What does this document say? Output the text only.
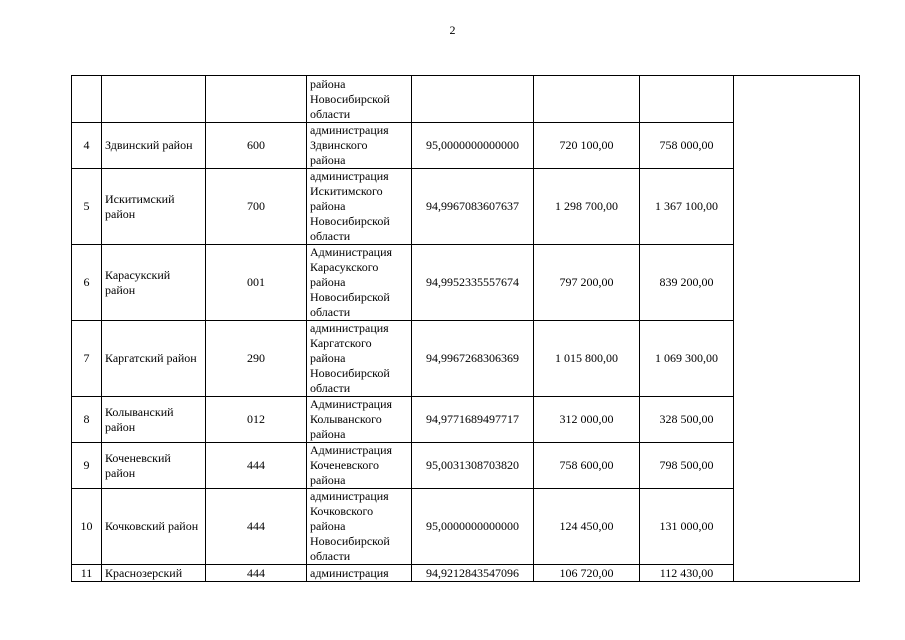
2
			района
Новосибирской
области				
4	Здвинский район	600	администрация
Здвинского
района	95,0000000000000	720 100,00	758 000,00	
5	Искитимский район	700	администрация
Искитимского
района
Новосибирской
области	94,9967083607637	1 298 700,00	1 367 100,00	
6	Карасукский район	001	Администрация
Карасукского
района
Новосибирской
области	94,9952335557674	797 200,00	839 200,00	
7	Каргатский район	290	администрация
Каргатского
района
Новосибирской
области	94,9967268306369	1 015 800,00	1 069 300,00	
8	Колыванский район	012	Администрация
Колыванского
района	94,9771689497717	312 000,00	328 500,00	
9	Коченевский район	444	Администрация
Коченевского
района	95,0031308703820	758 600,00	798 500,00	
10	Кочковский район	444	администрация
Кочковского
района
Новосибирской
области	95,0000000000000	124 450,00	131 000,00	
11	Краснозерский	444	администрация	94,9212843547096	106 720,00	112 430,00	
